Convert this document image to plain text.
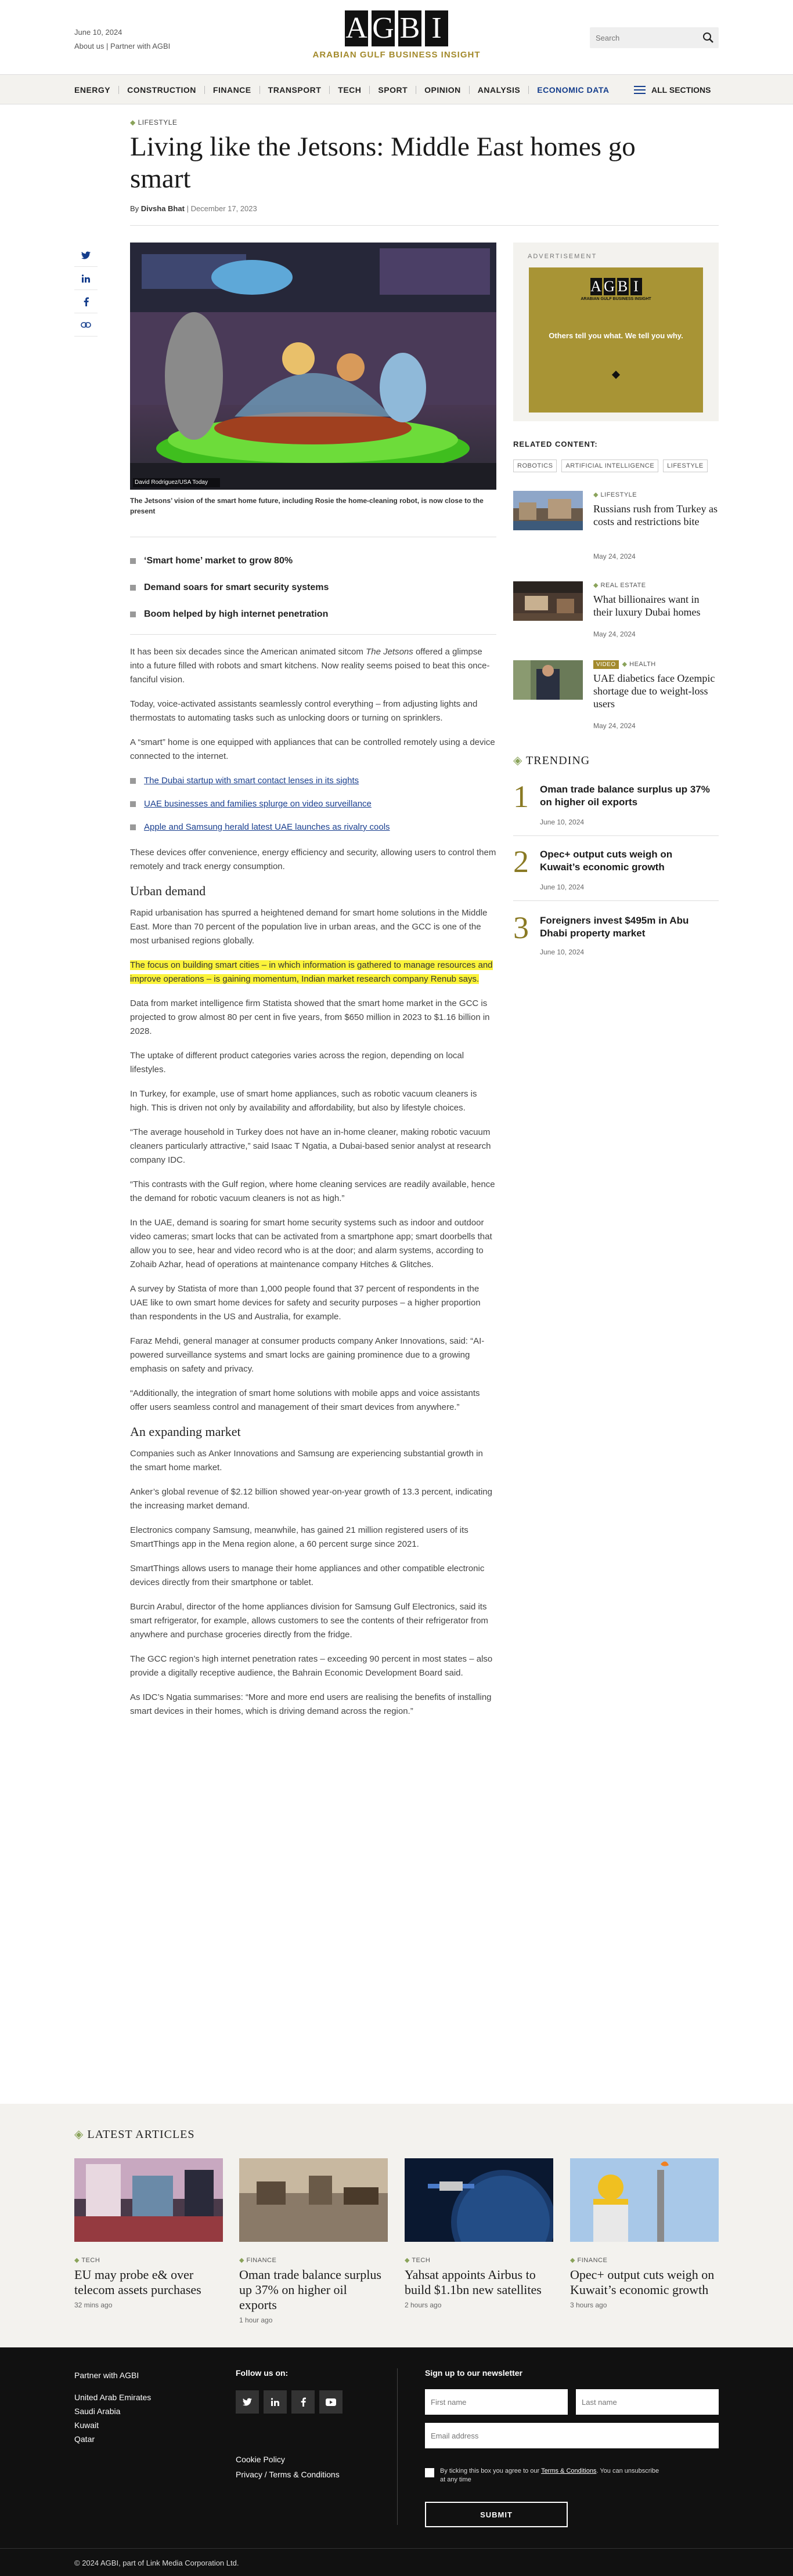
June 10, 2024
About us | Partner with AGBI
A G B I
ARABIAN GULF BUSINESS INSIGHT
Search
ENERGY	CONSTRUCTION	FINANCE	TRANSPORT	TECH	SPORT	OPINION	ANALYSIS	ECONOMIC DATA	ALL SECTIONS
◆ LIFESTYLE
Living like the Jetsons: Middle East homes go smart
By Divsha Bhat | December 17, 2023
David Rodriguez/USA Today
The Jetsons’ vision of the smart home future, including Rosie the home-cleaning robot, is now close to the present
‘Smart home’ market to grow 80%
Demand soars for smart security systems
Boom helped by high internet penetration

It has been six decades since the American animated sitcom The Jetsons offered a glimpse into a future filled with robots and smart kitchens. Now reality seems poised to beat this once-fanciful vision.

Today, voice-activated assistants seamlessly control everything – from adjusting lights and thermostats to automating tasks such as unlocking doors or turning on sprinklers.

A “smart” home is one equipped with appliances that can be controlled remotely using a device connected to the internet.

The Dubai startup with smart contact lenses in its sights
UAE businesses and families splurge on video surveillance
Apple and Samsung herald latest UAE launches as rivalry cools

These devices offer convenience, energy efficiency and security, allowing users to control them remotely and track energy consumption.

Urban demand

Rapid urbanisation has spurred a heightened demand for smart home solutions in the Middle East. More than 70 percent of the population live in urban areas, and the GCC is one of the most urbanised regions globally.

The focus on building smart cities – in which information is gathered to manage resources and improve operations – is gaining momentum, Indian market research company Renub says.

Data from market intelligence firm Statista showed that the smart home market in the GCC is projected to grow almost 80 per cent in five years, from $650 million in 2023 to $1.16 billion in 2028.

The uptake of different product categories varies across the region, depending on local lifestyles.

In Turkey, for example, use of smart home appliances, such as robotic vacuum cleaners is high. This is driven not only by availability and affordability, but also by lifestyle choices.

“The average household in Turkey does not have an in-home cleaner, making robotic vacuum cleaners particularly attractive,” said Isaac T Ngatia, a Dubai-based senior analyst at research company IDC.

“This contrasts with the Gulf region, where home cleaning services are readily available, hence the demand for robotic vacuum cleaners is not as high.”

In the UAE, demand is soaring for smart home security systems such as indoor and outdoor video cameras; smart locks that can be activated from a smartphone app; smart doorbells that allow you to see, hear and video record who is at the door; and alarm systems, according to Zohaib Azhar, head of operations at maintenance company Hitches & Glitches.

A survey by Statista of more than 1,000 people found that 37 percent of respondents in the UAE like to own smart home devices for safety and security purposes – a higher proportion than respondents in the US and Australia, for example.

Faraz Mehdi, general manager at consumer products company Anker Innovations, said: “AI-powered surveillance systems and smart locks are gaining prominence due to a growing emphasis on safety and privacy.

“Additionally, the integration of smart home solutions with mobile apps and voice assistants offer users seamless control and management of their smart devices from anywhere.”

An expanding market

Companies such as Anker Innovations and Samsung are experiencing substantial growth in the smart home market.

Anker’s global revenue of $2.12 billion showed year-on-year growth of 13.3 percent, indicating the increasing market demand.

Electronics company Samsung, meanwhile, has gained 21 million registered users of its SmartThings app in the Mena region alone, a 60 percent surge since 2021.

SmartThings allows users to manage their home appliances and other compatible electronic devices directly from their smartphone or tablet.

Burcin Arabul, director of the home appliances division for Samsung Gulf Electronics, said its smart refrigerator, for example, allows customers to see the contents of their refrigerator from anywhere and purchase groceries directly from the fridge.

The GCC region’s high internet penetration rates – exceeding 90 percent in most states – also provide a digitally receptive audience, the Bahrain Economic Development Board said.

As IDC’s Ngatia summarises: “More and more end users are realising the benefits of installing smart devices in their homes, which is driving demand across the region.”

ADVERTISEMENT
A G B I
ARABIAN GULF BUSINESS INSIGHT
Others tell you what. We tell you why.
RELATED CONTENT:
ROBOTICS	ARTIFICIAL INTELLIGENCE	LIFESTYLE
◆ LIFESTYLE
Russians rush from Turkey as costs and restrictions bite
May 24, 2024
◆ REAL ESTATE
What billionaires want in their luxury Dubai homes
May 24, 2024
VIDEO ◆ HEALTH
UAE diabetics face Ozempic shortage due to weight-loss users
May 24, 2024
◈ TRENDING
1 Oman trade balance surplus up 37% on higher oil exports
June 10, 2024
2 Opec+ output cuts weigh on Kuwait’s economic growth
June 10, 2024
3 Foreigners invest $495m in Abu Dhabi property market
June 10, 2024
◈ LATEST ARTICLES
◆ TECH
EU may probe e& over telecom assets purchases
32 mins ago
◆ FINANCE
Oman trade balance surplus up 37% on higher oil exports
1 hour ago
◆ TECH
Yahsat appoints Airbus to build $1.1bn new satellites
2 hours ago
◆ FINANCE
Opec+ output cuts weigh on Kuwait’s economic growth
3 hours ago
Partner with AGBI
United Arab Emirates
Saudi Arabia
Kuwait
Qatar
Follow us on:
Cookie Policy
Privacy / Terms & Conditions
Sign up to our newsletter
First name
Last name
Email address
By ticking this box you agree to our Terms & Conditions. You can unsubscribe at any time
SUBMIT
© 2024 AGBI, part of Link Media Corporation Ltd.
